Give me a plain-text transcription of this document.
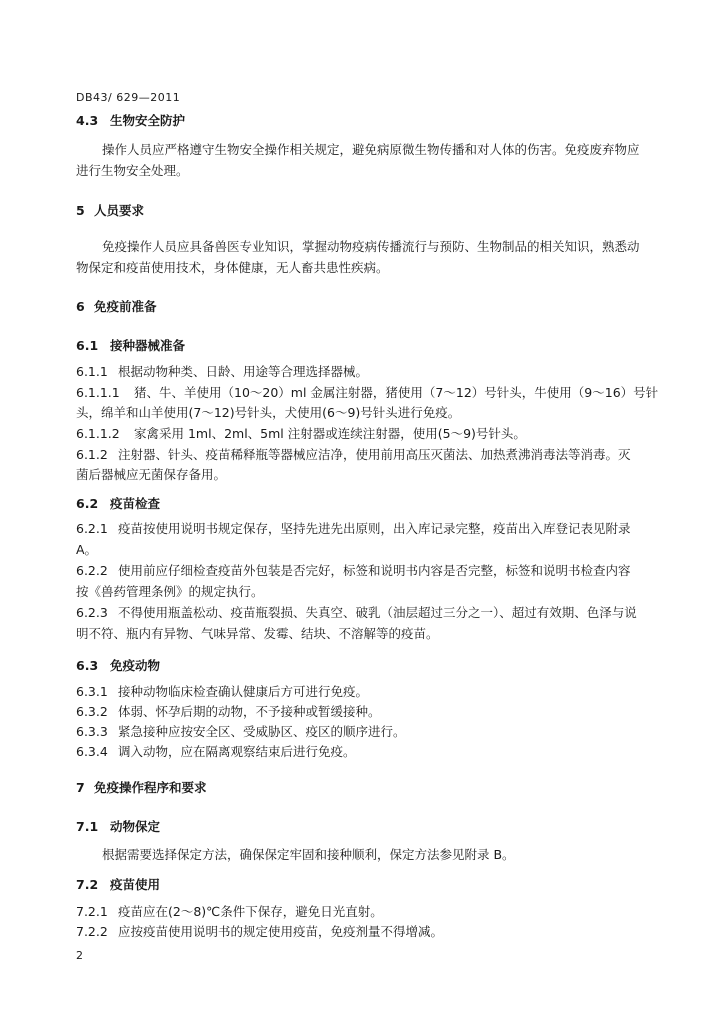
DB43/ 629—2011
4.3 生物安全防护
操作人员应严格遵守生物安全操作相关规定，避免病原微生物传播和对人体的伤害。免疫废弃物应
进行生物安全处理。
5 人员要求
免疫操作人员应具备兽医专业知识，掌握动物疫病传播流行与预防、生物制品的相关知识，熟悉动
物保定和疫苗使用技术，身体健康，无人畜共患性疾病。
6 免疫前准备
6.1 接种器械准备
6.1.1 根据动物种类、日龄、用途等合理选择器械。
6.1.1.1 猪、牛、羊使用（10～20）ml 金属注射器，猪使用（7～12）号针头，牛使用（9～16）号针
头，绵羊和山羊使用(7～12)号针头，犬使用(6～9)号针头进行免疫。
6.1.1.2 家禽采用 1ml、2ml、5ml 注射器或连续注射器，使用(5～9)号针头。
6.1.2 注射器、针头、疫苗稀释瓶等器械应洁净，使用前用高压灭菌法、加热煮沸消毒法等消毒。灭
菌后器械应无菌保存备用。
6.2 疫苗检查
6.2.1 疫苗按使用说明书规定保存，坚持先进先出原则，出入库记录完整，疫苗出入库登记表见附录
A。
6.2.2 使用前应仔细检查疫苗外包装是否完好，标签和说明书内容是否完整，标签和说明书检查内容
按《兽药管理条例》的规定执行。
6.2.3 不得使用瓶盖松动、疫苗瓶裂损、失真空、破乳（油层超过三分之一）、超过有效期、色泽与说
明不符、瓶内有异物、气味异常、发霉、结块、不溶解等的疫苗。
6.3 免疫动物
6.3.1 接种动物临床检查确认健康后方可进行免疫。
6.3.2 体弱、怀孕后期的动物，不予接种或暂缓接种。
6.3.3 紧急接种应按安全区、受威胁区、疫区的顺序进行。
6.3.4 调入动物，应在隔离观察结束后进行免疫。
7 免疫操作程序和要求
7.1 动物保定
根据需要选择保定方法，确保保定牢固和接种顺利，保定方法参见附录 B。
7.2 疫苗使用
7.2.1 疫苗应在(2～8)℃条件下保存，避免日光直射。
7.2.2 应按疫苗使用说明书的规定使用疫苗，免疫剂量不得增减。
2
